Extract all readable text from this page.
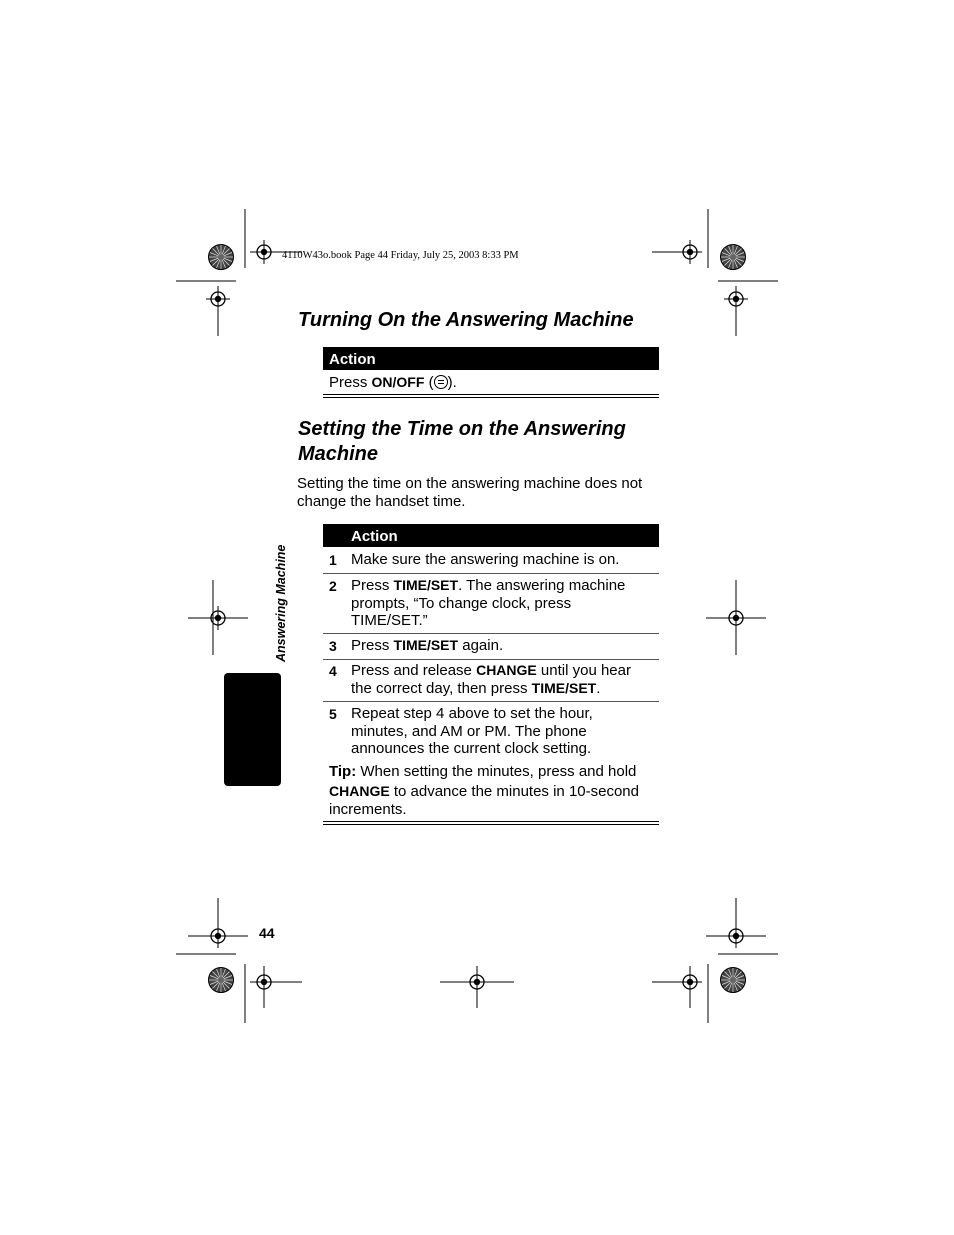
4110W43o.book Page 44 Friday, July 25, 2003 8:33 PM
Turning On the Answering Machine
Action
Press ON/OFF ( ).
Setting the Time on the Answering
Machine
Setting the time on the answering machine does not
change the handset time.
Action
1 Make sure the answering machine is on.
2 Press TIME/SET. The answering machine
prompts, “To change clock, press
TIME/SET.”
3 Press TIME/SET again.
4 Press and release CHANGE until you hear
the correct day, then press TIME/SET.
5 Repeat step 4 above to set the hour,
minutes, and AM or PM. The phone
announces the current clock setting.
Tip: When setting the minutes, press and hold
CHANGE to advance the minutes in 10-second
increments.
Answering Machine
44
